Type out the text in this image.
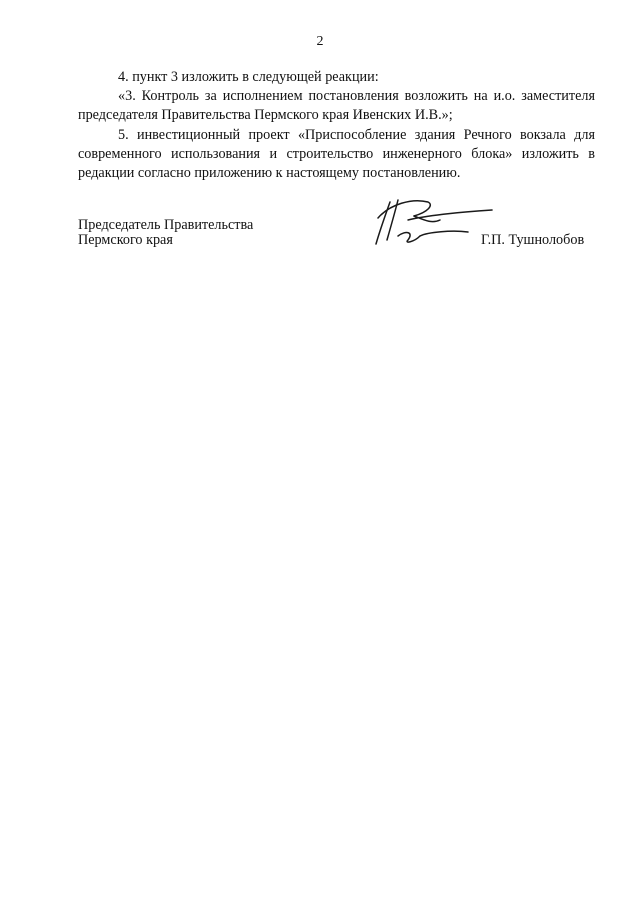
2

4. пункт 3 изложить в следующей реакции:

«3. Контроль за исполнением постановления возложить на и.о. заместителя председателя Правительства Пермского края Ивенских И.В.»;

5. инвестиционный проект «Приспособление здания Речного вокзала для современного использования и строительство инженерного блока» изложить в редакции согласно приложению к настоящему постановлению.

Председатель Правительства
Пермского края	Г.П. Тушнолобов
